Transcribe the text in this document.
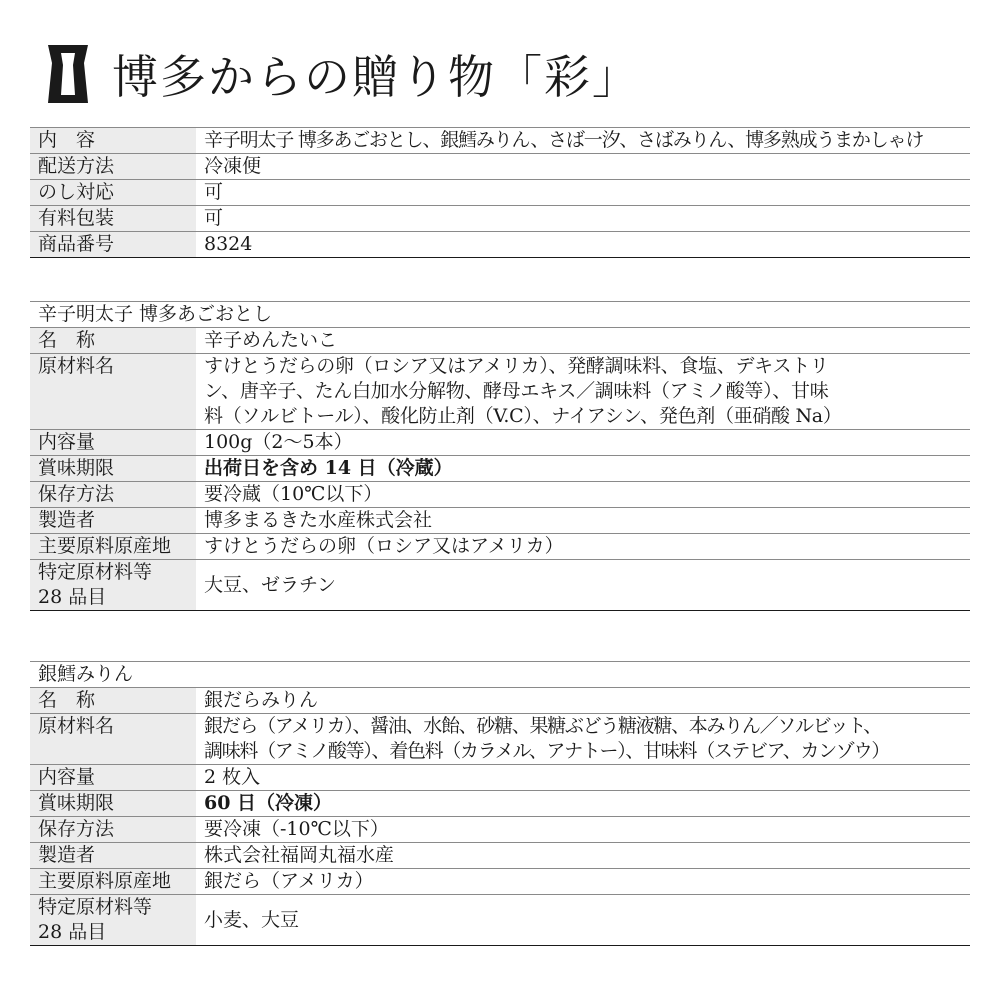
博多からの贈り物「彩」
内　容	辛子明太子 博多あごおとし、銀鱈みりん、さば一汐、さばみりん、博多熟成うまかしゃけ
配送方法	冷凍便
のし対応	可
有料包装	可
商品番号	8324
辛子明太子 博多あごおとし	
名　称	辛子めんたいこ
原材料名	すけとうだらの卵（ロシア又はアメリカ）、発酵調味料、食塩、デキストリ
ン、唐辛子、たん白加水分解物、酵母エキス／調味料（アミノ酸等）、甘味
料（ソルビトール）、酸化防止剤（V.C）、ナイアシン、発色剤（亜硝酸 Na）

内容量	100g（2〜5本）
賞味期限	出荷日を含め 14 日（冷蔵）
保存方法	要冷蔵（10℃以下）
製造者	博多まるきた水産株式会社
主要原料原産地	すけとうだらの卵（ロシア又はアメリカ）

特定原材料等
28 品目	大豆、ゼラチン
銀鱈みりん	
名　称	銀だらみりん
原材料名	銀だら（アメリカ）、醤油、水飴、砂糖、果糖ぶどう糖液糖、本みりん／ソルビット、
調味料（アミノ酸等）、着色料（カラメル、アナトー）、甘味料（ステビア、カンゾウ）

内容量	2 枚入
賞味期限	60 日（冷凍）
保存方法	要冷凍（-10℃以下）
製造者	株式会社福岡丸福水産
主要原料原産地	銀だら（アメリカ）

特定原材料等
28 品目	小麦、大豆
